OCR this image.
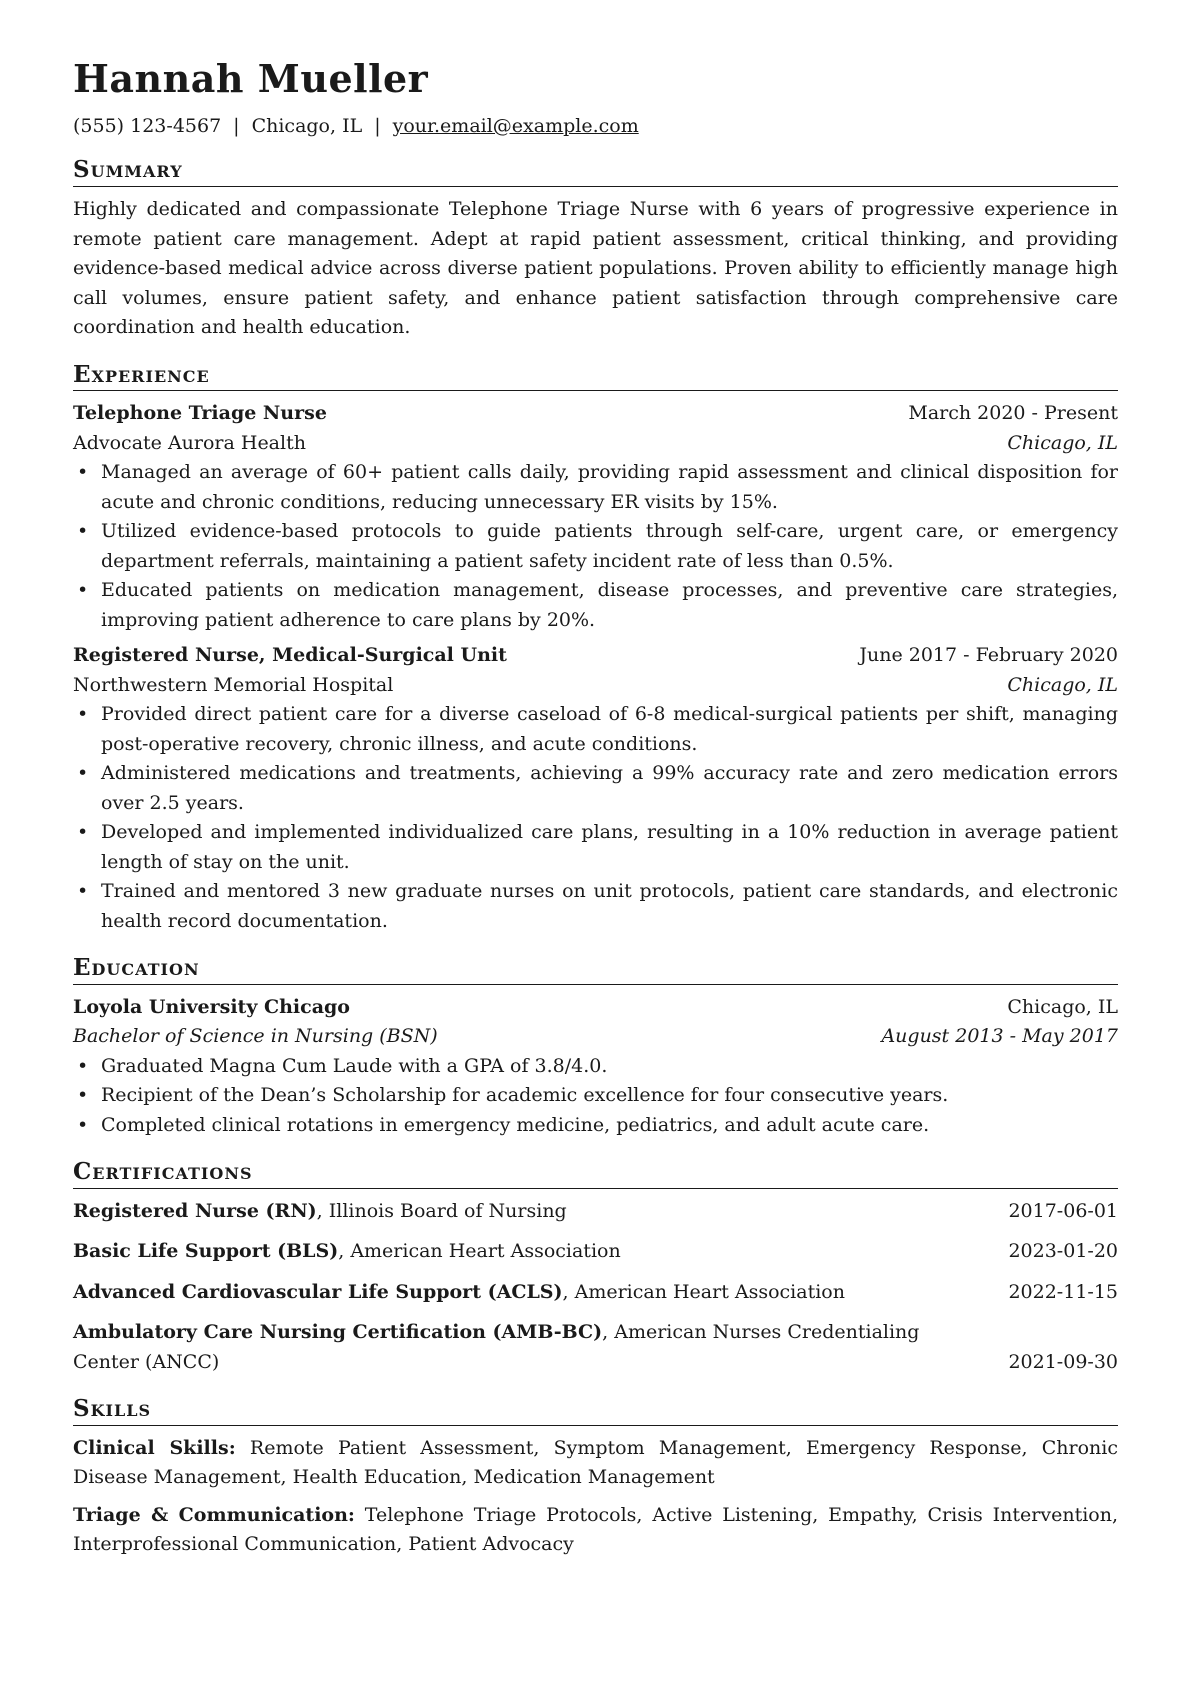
Hannah Mueller
(555) 123-4567 | Chicago, IL | your.email@example.com
Summary

Highly dedicated and compassionate Telephone Triage Nurse with 6 years of progressive experience in remote patient care management. Adept at rapid patient assessment, critical thinking, and providing evidence-based medical advice across diverse patient populations. Proven ability to efficiently manage high call volumes, ensure patient safety, and enhance patient satisfaction through comprehensive care coordination and health education.

Experience
Telephone Triage Nurse	March 2020 - Present
Advocate Aurora Health	Chicago, IL
• Managed an average of 60+ patient calls daily, providing rapid assessment and clinical disposition for acute and chronic conditions, reducing unnecessary ER visits by 15%.
• Utilized evidence-based protocols to guide patients through self-care, urgent care, or emergency department referrals, maintaining a patient safety incident rate of less than 0.5%.
• Educated patients on medication management, disease processes, and preventive care strategies, improving patient adherence to care plans by 20%.
Registered Nurse, Medical-Surgical Unit	June 2017 - February 2020
Northwestern Memorial Hospital	Chicago, IL
• Provided direct patient care for a diverse caseload of 6-8 medical-surgical patients per shift, managing post-operative recovery, chronic illness, and acute conditions.
• Administered medications and treatments, achieving a 99% accuracy rate and zero medication errors over 2.5 years.
• Developed and implemented individualized care plans, resulting in a 10% reduction in average patient length of stay on the unit.
• Trained and mentored 3 new graduate nurses on unit protocols, patient care standards, and electronic health record documentation.
Education
Loyola University Chicago	Chicago, IL
Bachelor of Science in Nursing (BSN)	August 2013 - May 2017
• Graduated Magna Cum Laude with a GPA of 3.8/4.0.
• Recipient of the Dean’s Scholarship for academic excellence for four consecutive years.
• Completed clinical rotations in emergency medicine, pediatrics, and adult acute care.
Certifications
Registered Nurse (RN), Illinois Board of Nursing	2017-06-01
Basic Life Support (BLS), American Heart Association	2023-01-20
Advanced Cardiovascular Life Support (ACLS), American Heart Association	2022-11-15
Ambulatory Care Nursing Certification (AMB-BC), American Nurses Credentialing Center (ANCC)	2021-09-30
Skills
Clinical Skills: Remote Patient Assessment, Symptom Management, Emergency Response, Chronic Disease Management, Health Education, Medication Management
Triage & Communication: Telephone Triage Protocols, Active Listening, Empathy, Crisis Intervention, Interprofessional Communication, Patient Advocacy
